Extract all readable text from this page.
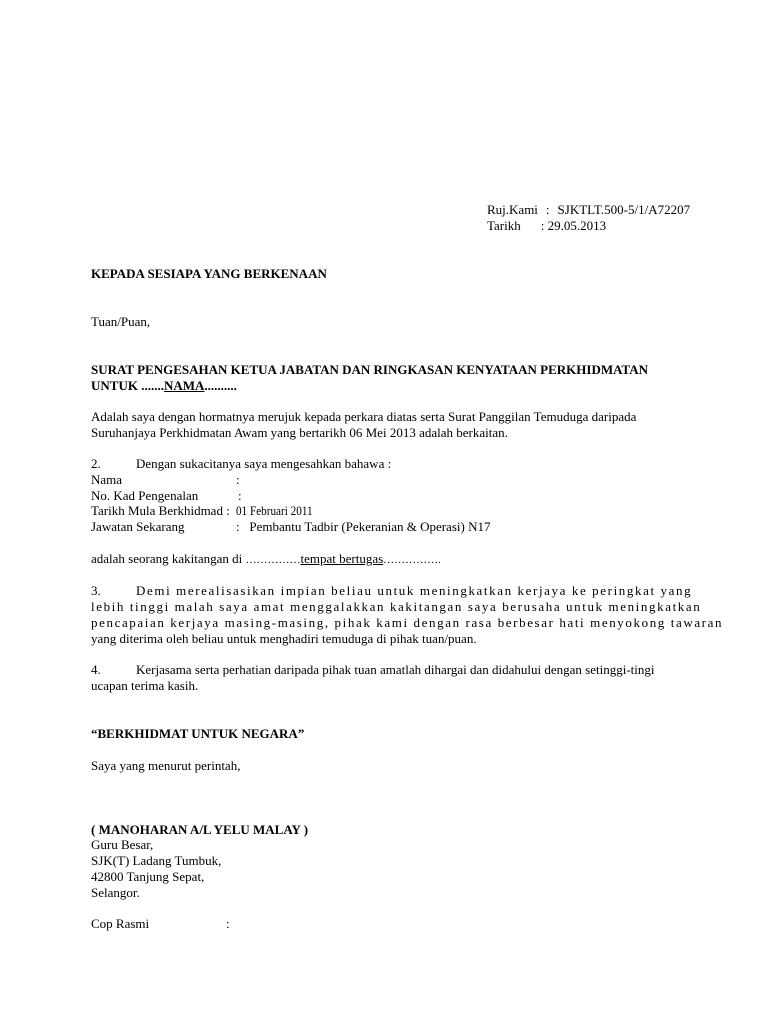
Ruj.Kami : SJKTLT.500-5/1/A72207
Tarikh : 29.05.2013
KEPADA SESIAPA YANG BERKENAAN
Tuan/Puan,
SURAT PENGESAHAN KETUA JABATAN DAN RINGKASAN KENYATAAN PERKHIDMATAN
UNTUK .......NAMA..........
Adalah saya dengan hormatnya merujuk kepada perkara diatas serta Surat Panggilan Temuduga daripada
Suruhanjaya Perkhidmatan Awam yang bertarikh 06 Mei 2013 adalah berkaitan.
2.	Dengan sukacitanya saya mengesahkan bahawa :
Nama	:
No. Kad Pengenalan	:
Tarikh Mula Berkhidmad :  01 Februari 2011
Jawatan Sekarang	:   Pembantu Tadbir (Pekeranian & Operasi) N17
adalah seorang kakitangan di ……………tempat bertugas…………….
3.	Demi merealisasikan impian beliau untuk meningkatkan kerjaya ke peringkat yang
lebih tinggi malah saya amat menggalakkan kakitangan saya berusaha untuk meningkatkan
pencapaian kerjaya masing-masing, pihak kami dengan rasa berbesar hati menyokong tawaran
yang diterima oleh beliau untuk menghadiri temuduga di pihak tuan/puan.
4.	Kerjasama serta perhatian daripada pihak tuan amatlah dihargai dan didahului dengan setinggi-tingi
ucapan terima kasih.
“BERKHIDMAT UNTUK NEGARA”
Saya yang menurut perintah,
( MANOHARAN A/L YELU MALAY )
Guru Besar,
SJK(T) Ladang Tumbuk,
42800 Tanjung Sepat,
Selangor.
Cop Rasmi	:
